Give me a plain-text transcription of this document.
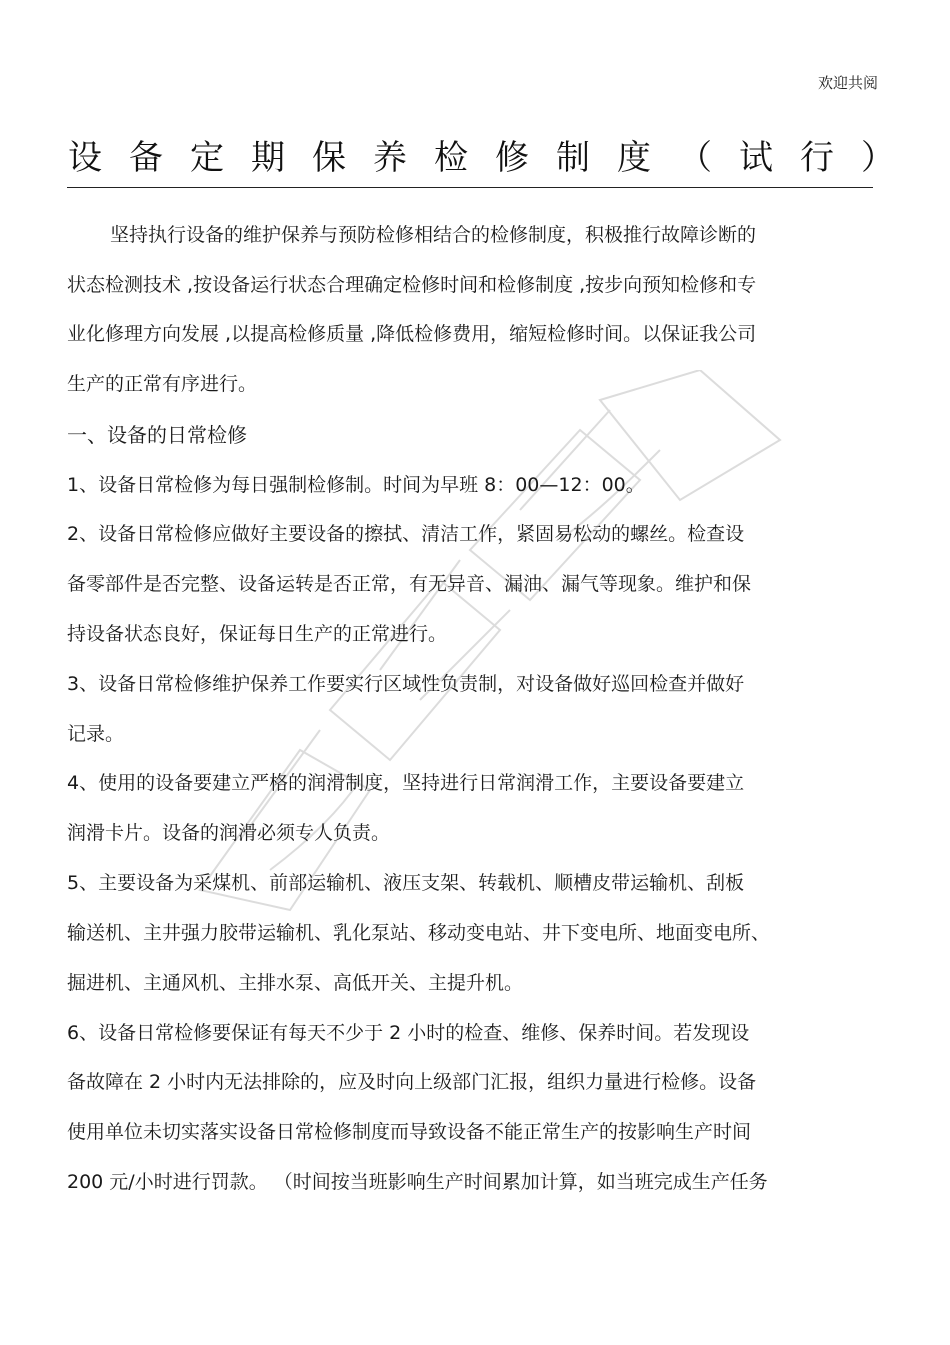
欢迎共阅
设备定期保养检修制度（试行）
坚持执行设备的维护保养与预防检修相结合的检修制度，积极推行故障诊断的
状态检测技术 ,按设备运行状态合理确定检修时间和检修制度 ,按步向预知检修和专
业化修理方向发展 ,以提高检修质量 ,降低检修费用，缩短检修时间。以保证我公司
生产的正常有序进行。
一、设备的日常检修
1、设备日常检修为每日强制检修制。时间为早班 8：00—12：00。
2、设备日常检修应做好主要设备的擦拭、清洁工作，紧固易松动的螺丝。检查设
备零部件是否完整、设备运转是否正常，有无异音、漏油、漏气等现象。维护和保
持设备状态良好，保证每日生产的正常进行。
3、设备日常检修维护保养工作要实行区域性负责制，对设备做好巡回检查并做好
记录。
4、使用的设备要建立严格的润滑制度，坚持进行日常润滑工作，主要设备要建立
润滑卡片。设备的润滑必须专人负责。
5、主要设备为采煤机、前部运输机、液压支架、转载机、顺槽皮带运输机、刮板
输送机、主井强力胶带运输机、乳化泵站、移动变电站、井下变电所、地面变电所、
掘进机、主通风机、主排水泵、高低开关、主提升机。
6、设备日常检修要保证有每天不少于 2 小时的检查、维修、保养时间。若发现设
备故障在 2 小时内无法排除的，应及时向上级部门汇报，组织力量进行检修。设备
使用单位未切实落实设备日常检修制度而导致设备不能正常生产的按影响生产时间
200 元/小时进行罚款。 （时间按当班影响生产时间累加计算，如当班完成生产任务
